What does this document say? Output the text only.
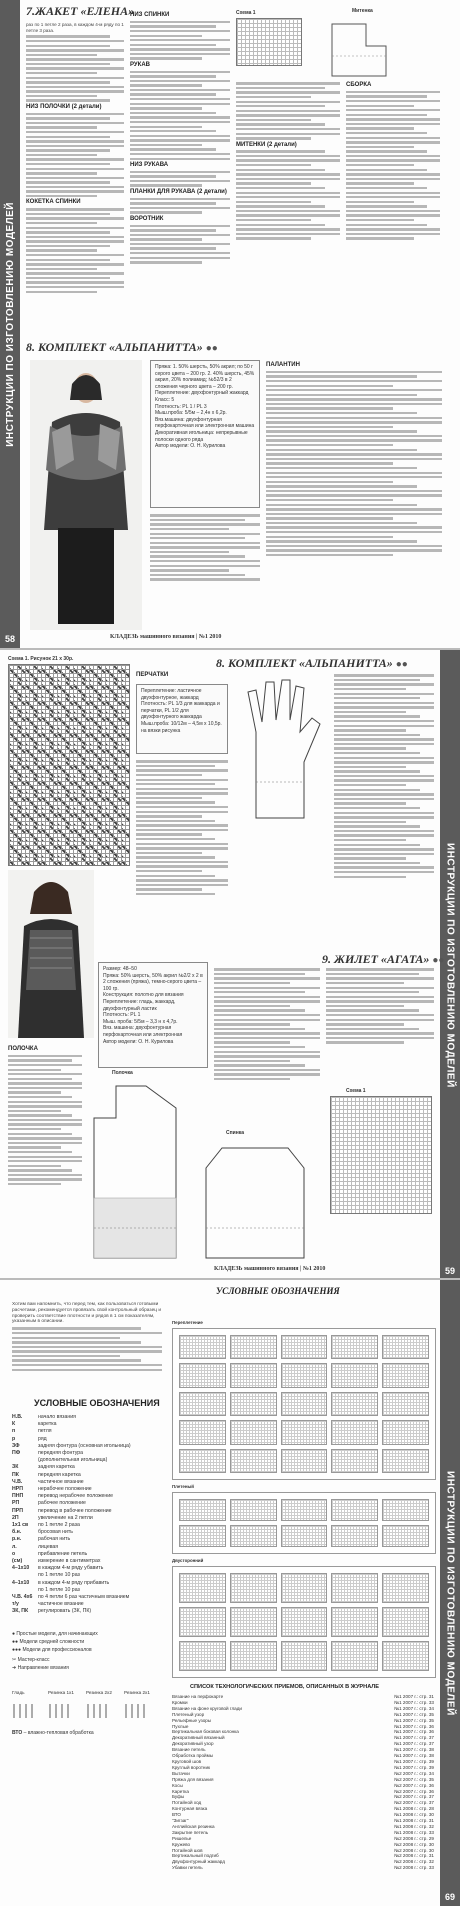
ИНСТРУКЦИИ ПО ИЗГОТОВЛЕНИЮ МОДЕЛЕЙ
58
7.ЖАКЕТ «ЕЛЕНА»

раз по 1 петле 2 раза, в каждом 4-м ряду по 1 петле 3 раза.

НИЗ ПОЛОЧКИ (2 детали)
КОКЕТКА СПИНКИ
НИЗ СПИНКИ
РУКАВ
НИЗ РУКАВА
ПЛАНКИ ДЛЯ РУКАВА (2 детали)
ВОРОТНИК
Схема 1	Митенка
МИТЕНКИ (2 детали)
СБОРКА
8. КОМПЛЕКТ «АЛЬПАНИТТА» ●●
Пряжа: 1. 50% шерсть, 50% акрил; по 50 г серого цвета – 200 гр. 2. 40% шерсть, 45% акрил, 20% полиамид; №52/3 в 2 сложения черного цвета – 200 гр.
Переплетение: двухфонтурный жаккард
Класс: 5
Плотность: PL 1 / PL 3
Мыш.проба: 5/5м – 2,4н х 6,2р.
Вяз.машина: двухфонтурная перфокарточная или электронная машина
Декоративная игольница: непрерывные полоски одного ряда
Автор модели: О. Н. Курилова
ПАЛАНТИН
КЛАДЕЗЬ машинного вязания | №1 2010
ИНСТРУКЦИИ ПО ИЗГОТОВЛЕНИЮ МОДЕЛЕЙ
59
Схема 1. Рисунок 21 х 30р.	8. КОМПЛЕКТ «АЛЬПАНИТТА» ●●
ПЕРЧАТКИ
Переплетение: ластичное двухфонтурное, жаккард
Плотность: PL 1/3 для жаккарда и перчатки, PL 1/2 для двухфонтурного жаккарда
Мыш.проба: 10/12м – 4,5м х 10,5р. на вязки рисунка
9. ЖИЛЕТ «АГАТА» ●●
Размер: 48–50
Пряжа: 50% шерсть, 50% акрил №2/2 x 2 в 2 сложения (пряжа), темно-серого цвета – 100 гр.
Конструкция: полотно для вязания
Переплетение: гладь, жаккард, двухфонтурный ластик
Плотность: PL 1
Мыш. проба: 5/5м – 3,3 н х 4,7р.
Вяз. машина: двухфонтурная перфокарточная или электронная
Автор модели: О. Н. Курилова
ПОЛОЧКА
Полочка
Спинка
Схема 1
КЛАДЕЗЬ машинного вязания | №1 2010
ИНСТРУКЦИИ ПО ИЗГОТОВЛЕНИЮ МОДЕЛЕЙ
69
УСЛОВНЫЕ ОБОЗНАЧЕНИЯ

Хотим вам напомнить, что перед тем, как пользоваться готовыми расчетами, рекомендуется провязать свой контрольный образец и проверить соответствие плотности и рядов в 1 см показателям, указанным в описании.

УСЛОВНЫЕ ОБОЗНАЧЕНИЯ
Н.В.	начало вязания
К	каретка
п	петля
р	ряд
ЗФ	задняя фонтура (основная игольница)
ПФ	передняя фонтура
(дополнительная игольница)
ЗК	задняя каретка
ПК	передняя каретка
Ч.В.	частичное вязание
НРП	нерабочее положение
ПНП	перевод нерабочее положение
РП	рабочее положение
ПРП	перевод в рабочее положение
2П	увеличение на 2 петли
1х1 св	по 1 петле 2 раза
б.н.	бросовая нить
р.н.	рабочая нить
л.	лицевая
о	прибавление петель
(см)	измерение в сантиметрах
4–1х10	в каждом 4-м ряду убавить
по 1 петле 10 раз
4–1х10	в каждом 4-м ряду прибавить
по 1 петле 10 раз
Ч.В. 4х6	по 4 петли 6 раз частичным вязанием
т/у	частичное вязание
ЗК, ПК	регулировать (ЗК, ПК)
● Простые модели, для начинающих
●● Модели средней сложности
●●● Модели для профессионалов
✂ Мастер-класс
➜ Направление вязания
Гладь	Резинка 1x1	Резинка 2x2	Резинка 2x1
ВТО – влажно-тепловая обработка
Переплетение
Плетеный
Двусторонний
СПИСОК ТЕХНОЛОГИЧЕСКИХ ПРИЕМОВ, ОПИСАННЫХ В ЖУРНАЛЕ
Вязание на перфокарте	№1 2007 г.: стр. 31
Кромки	№1 2007 г.: стр. 33
Вязание на фоне круговой глади	№1 2007 г.: стр. 34
Плетеный узор	№1 2007 г.: стр. 35
Рельефные узоры	№1 2007 г.: стр. 35
Пухлые	№1 2007 г.: стр. 36
Вертикальная боковая колонка	№1 2007 г.: стр. 36
Декоративный вязанный	№1 2007 г.: стр. 37
Декоративный узор	№1 2007 г.: стр. 37
Вязание петель	№1 2007 г.: стр. 38
Обработка проймы	№1 2007 г.: стр. 38
Круговой шов	№1 2007 г.: стр. 39
Круглый воротник	№1 2007 г.: стр. 39
Вытачки	№2 2007 г.: стр. 34
Пряжа для вязания	№2 2007 г.: стр. 35
Косы	№2 2007 г.: стр. 36
Каретка	№2 2007 г.: стр. 36
Буфы	№2 2007 г.: стр. 37
Потайной ход	№2 2007 г.: стр. 37
Контурная вязка	№1 2008 г.: стр. 28
ВТО	№1 2008 г.: стр. 30
"Зигзаг"	№1 2008 г.: стр. 31
Английская резинка	№1 2008 г.: стр. 32
Закрытие петель	№1 2008 г.: стр. 33
Ришелье	№2 2008 г.: стр. 29
Кружево	№2 2008 г.: стр. 30
Потайной шов	№2 2008 г.: стр. 30
Вертикальный подгиб	№2 2008 г.: стр. 31
Двухфонтурный жаккард	№2 2008 г.: стр. 32
Убавки петель	№2 2008 г.: стр. 33
